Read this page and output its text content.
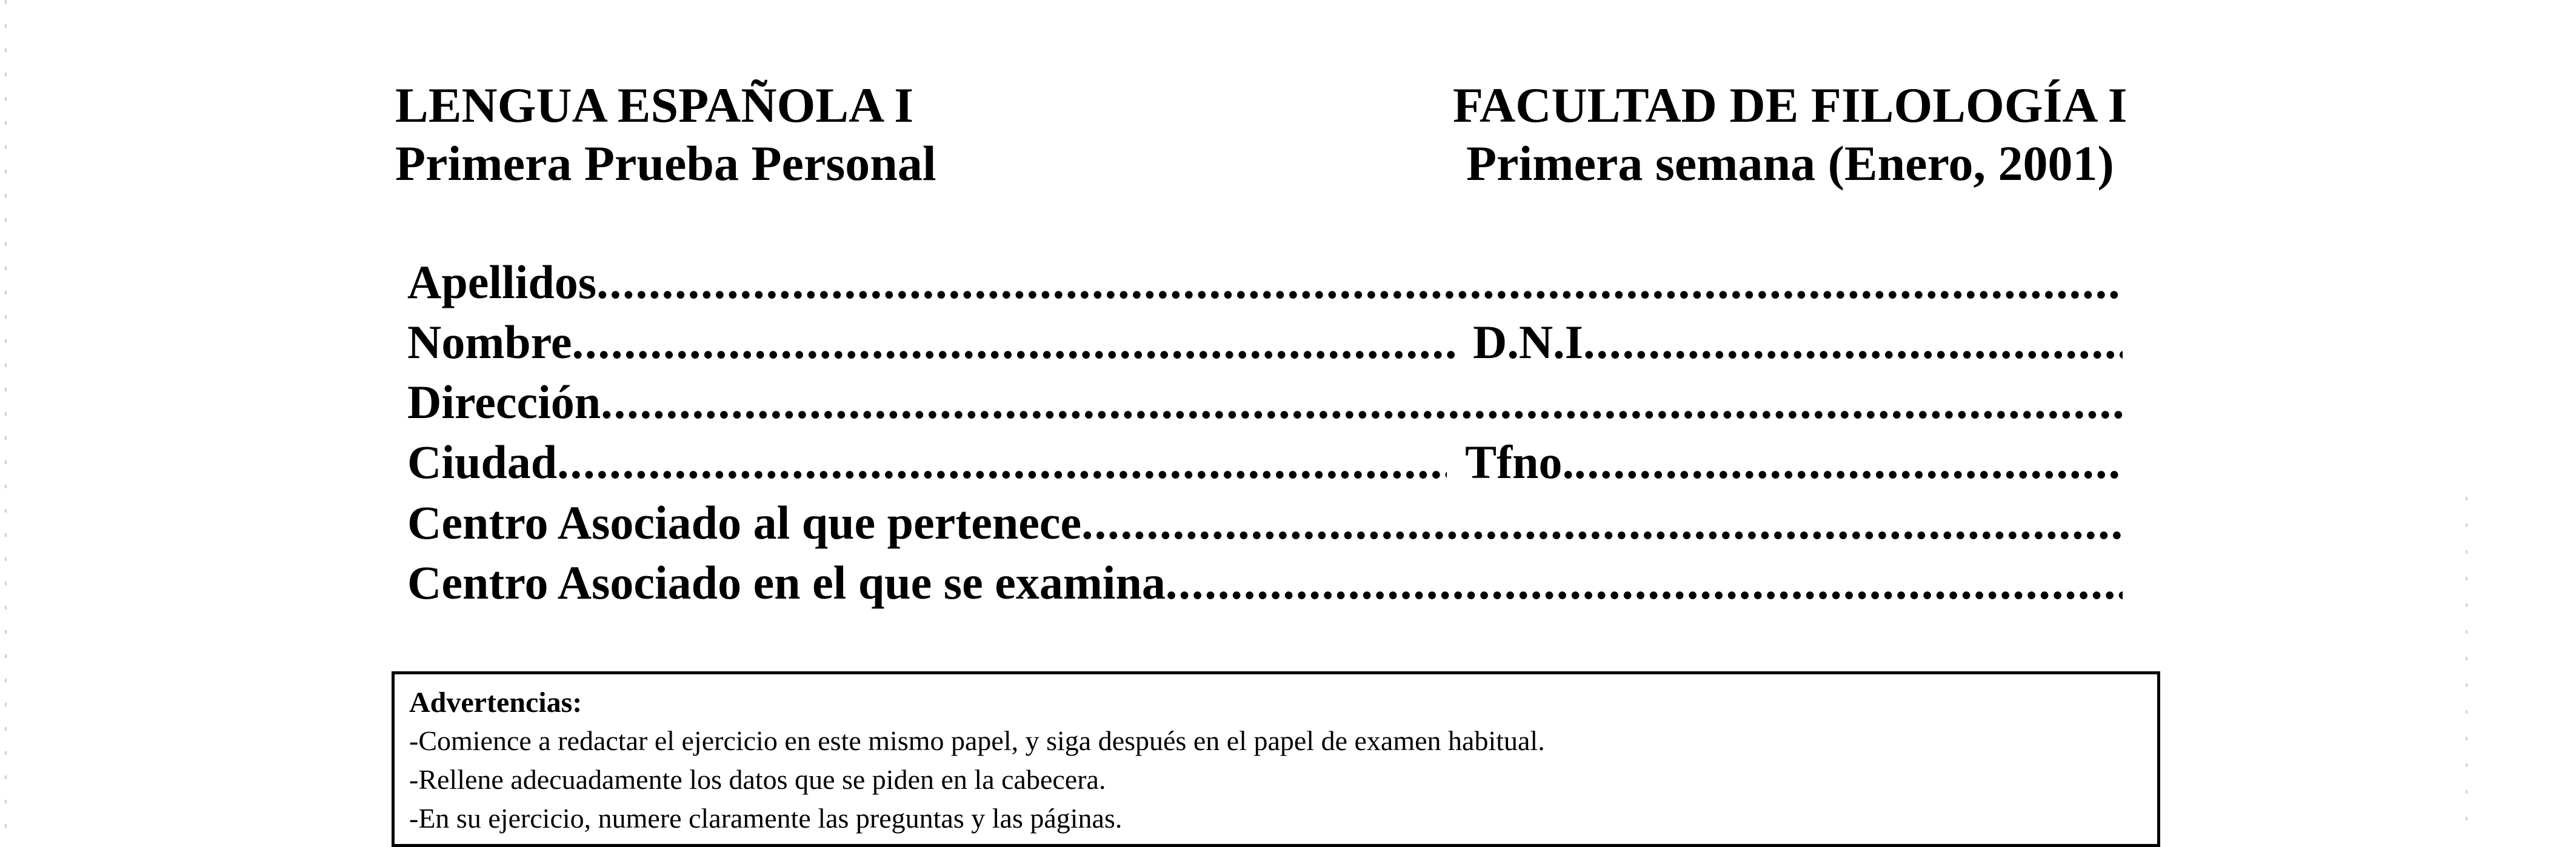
LENGUA ESPAÑOLA I
Primera Prueba Personal
FACULTAD DE FILOLOGÍA I
Primera semana (Enero, 2001)
Apellidos
.....
Nombre .....	D.N.I
.....
Dirección
.....
Ciudad .....	Tfno.
.....
Centro Asociado al que pertenece
.....
Centro Asociado en el que se examina
.....
Advertencias:
-Comience a redactar el ejercicio en este mismo papel, y siga después en el papel de examen habitual.
-Rellene adecuadamente los datos que se piden en la cabecera.
-En su ejercicio, numere claramente las preguntas y las páginas.
